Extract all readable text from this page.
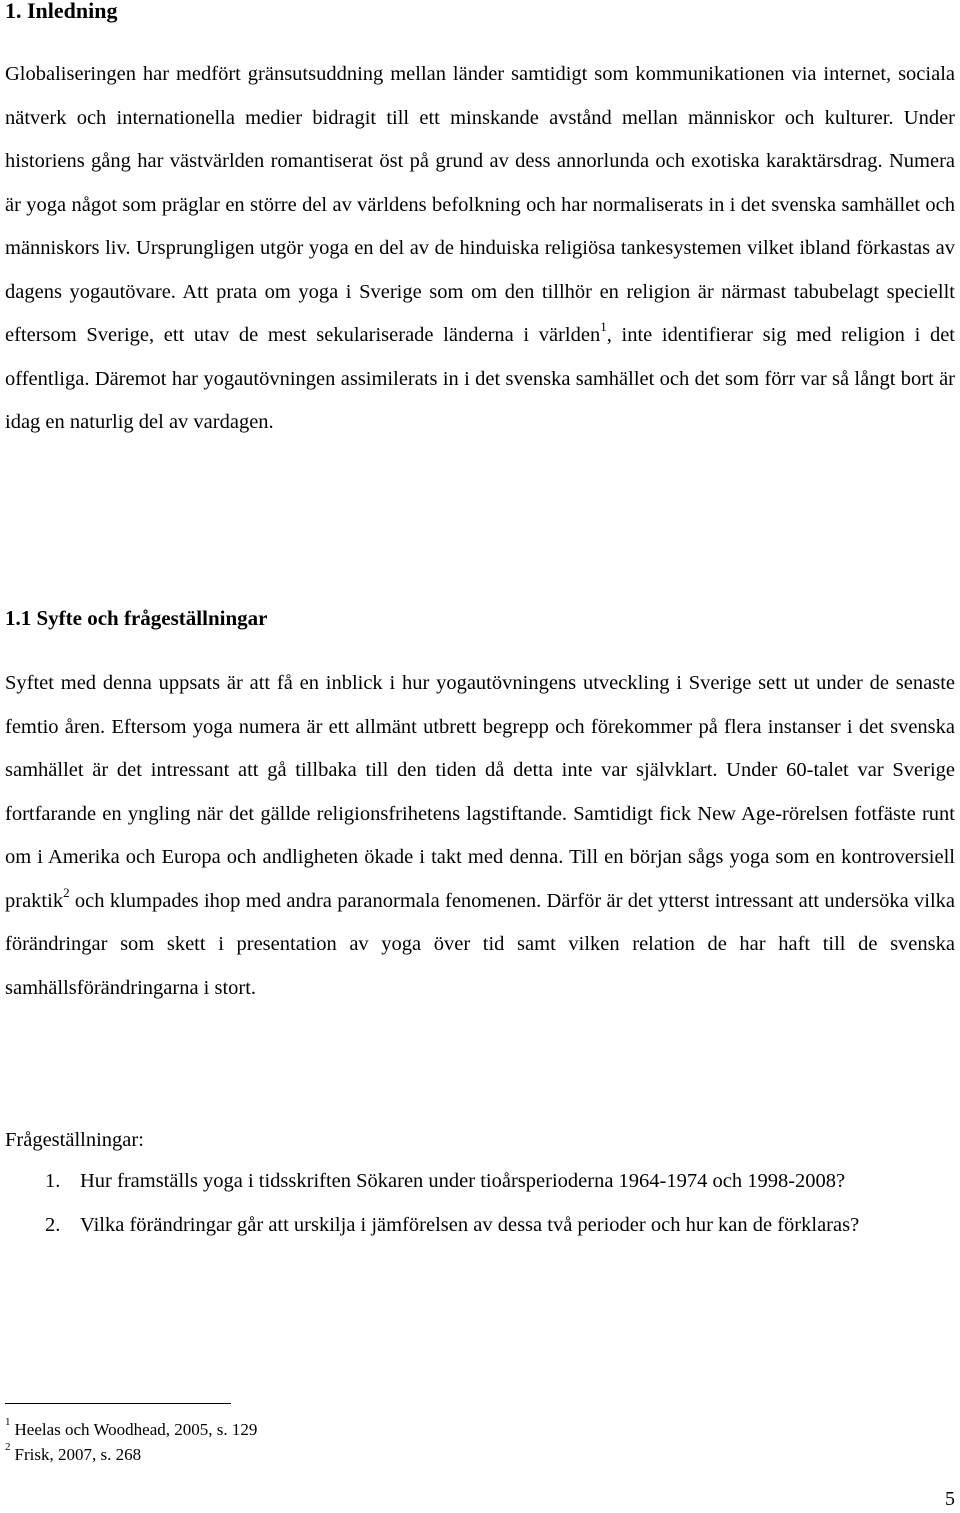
1. Inledning

Globaliseringen har medfört gränsutsuddning mellan länder samtidigt som kommunikationen via internet, sociala nätverk och internationella medier bidragit till ett minskande avstånd mellan människor och kulturer. Under historiens gång har västvärlden romantiserat öst på grund av dess annorlunda och exotiska karaktärsdrag. Numera är yoga något som präglar en större del av världens befolkning och har normaliserats in i det svenska samhället och människors liv. Ursprungligen utgör yoga en del av de hinduiska religiösa tankesystemen vilket ibland förkastas av dagens yogautövare. Att prata om yoga i Sverige som om den tillhör en religion är närmast tabubelagt speciellt eftersom Sverige, ett utav de mest sekulariserade länderna i världen$^1$, inte identifierar sig med religion i det offentliga. Däremot har yogautövningen assimilerats in i det svenska samhället och det som förr var så långt bort är idag en naturlig del av vardagen.

1.1 Syfte och frågeställningar

Syftet med denna uppsats är att få en inblick i hur yogautövningens utveckling i Sverige sett ut under de senaste femtio åren. Eftersom yoga numera är ett allmänt utbrett begrepp och förekommer på flera instanser i det svenska samhället är det intressant att gå tillbaka till den tiden då detta inte var självklart. Under 60-talet var Sverige fortfarande en yngling när det gällde religionsfrihetens lagstiftande. Samtidigt fick New Age-rörelsen fotfäste runt om i Amerika och Europa och andligheten ökade i takt med denna. Till en början sågs yoga som en kontroversiell praktik$^2$ och klumpades ihop med andra paranormala fenomenen. Därför är det ytterst intressant att undersöka vilka förändringar som skett i presentation av yoga över tid samt vilken relation de har haft till de svenska samhällsförändringarna i stort.

Frågeställningar:

1. Hur framställs yoga i tidsskriften Sökaren under tioårsperioderna 1964-1974 och 1998-2008?
2. Vilka förändringar går att urskilja i jämförelsen av dessa två perioder och hur kan de förklaras?

$^1$ Heelas och Woodhead, 2005, s. 129

$^2$ Frisk, 2007, s. 268

5
